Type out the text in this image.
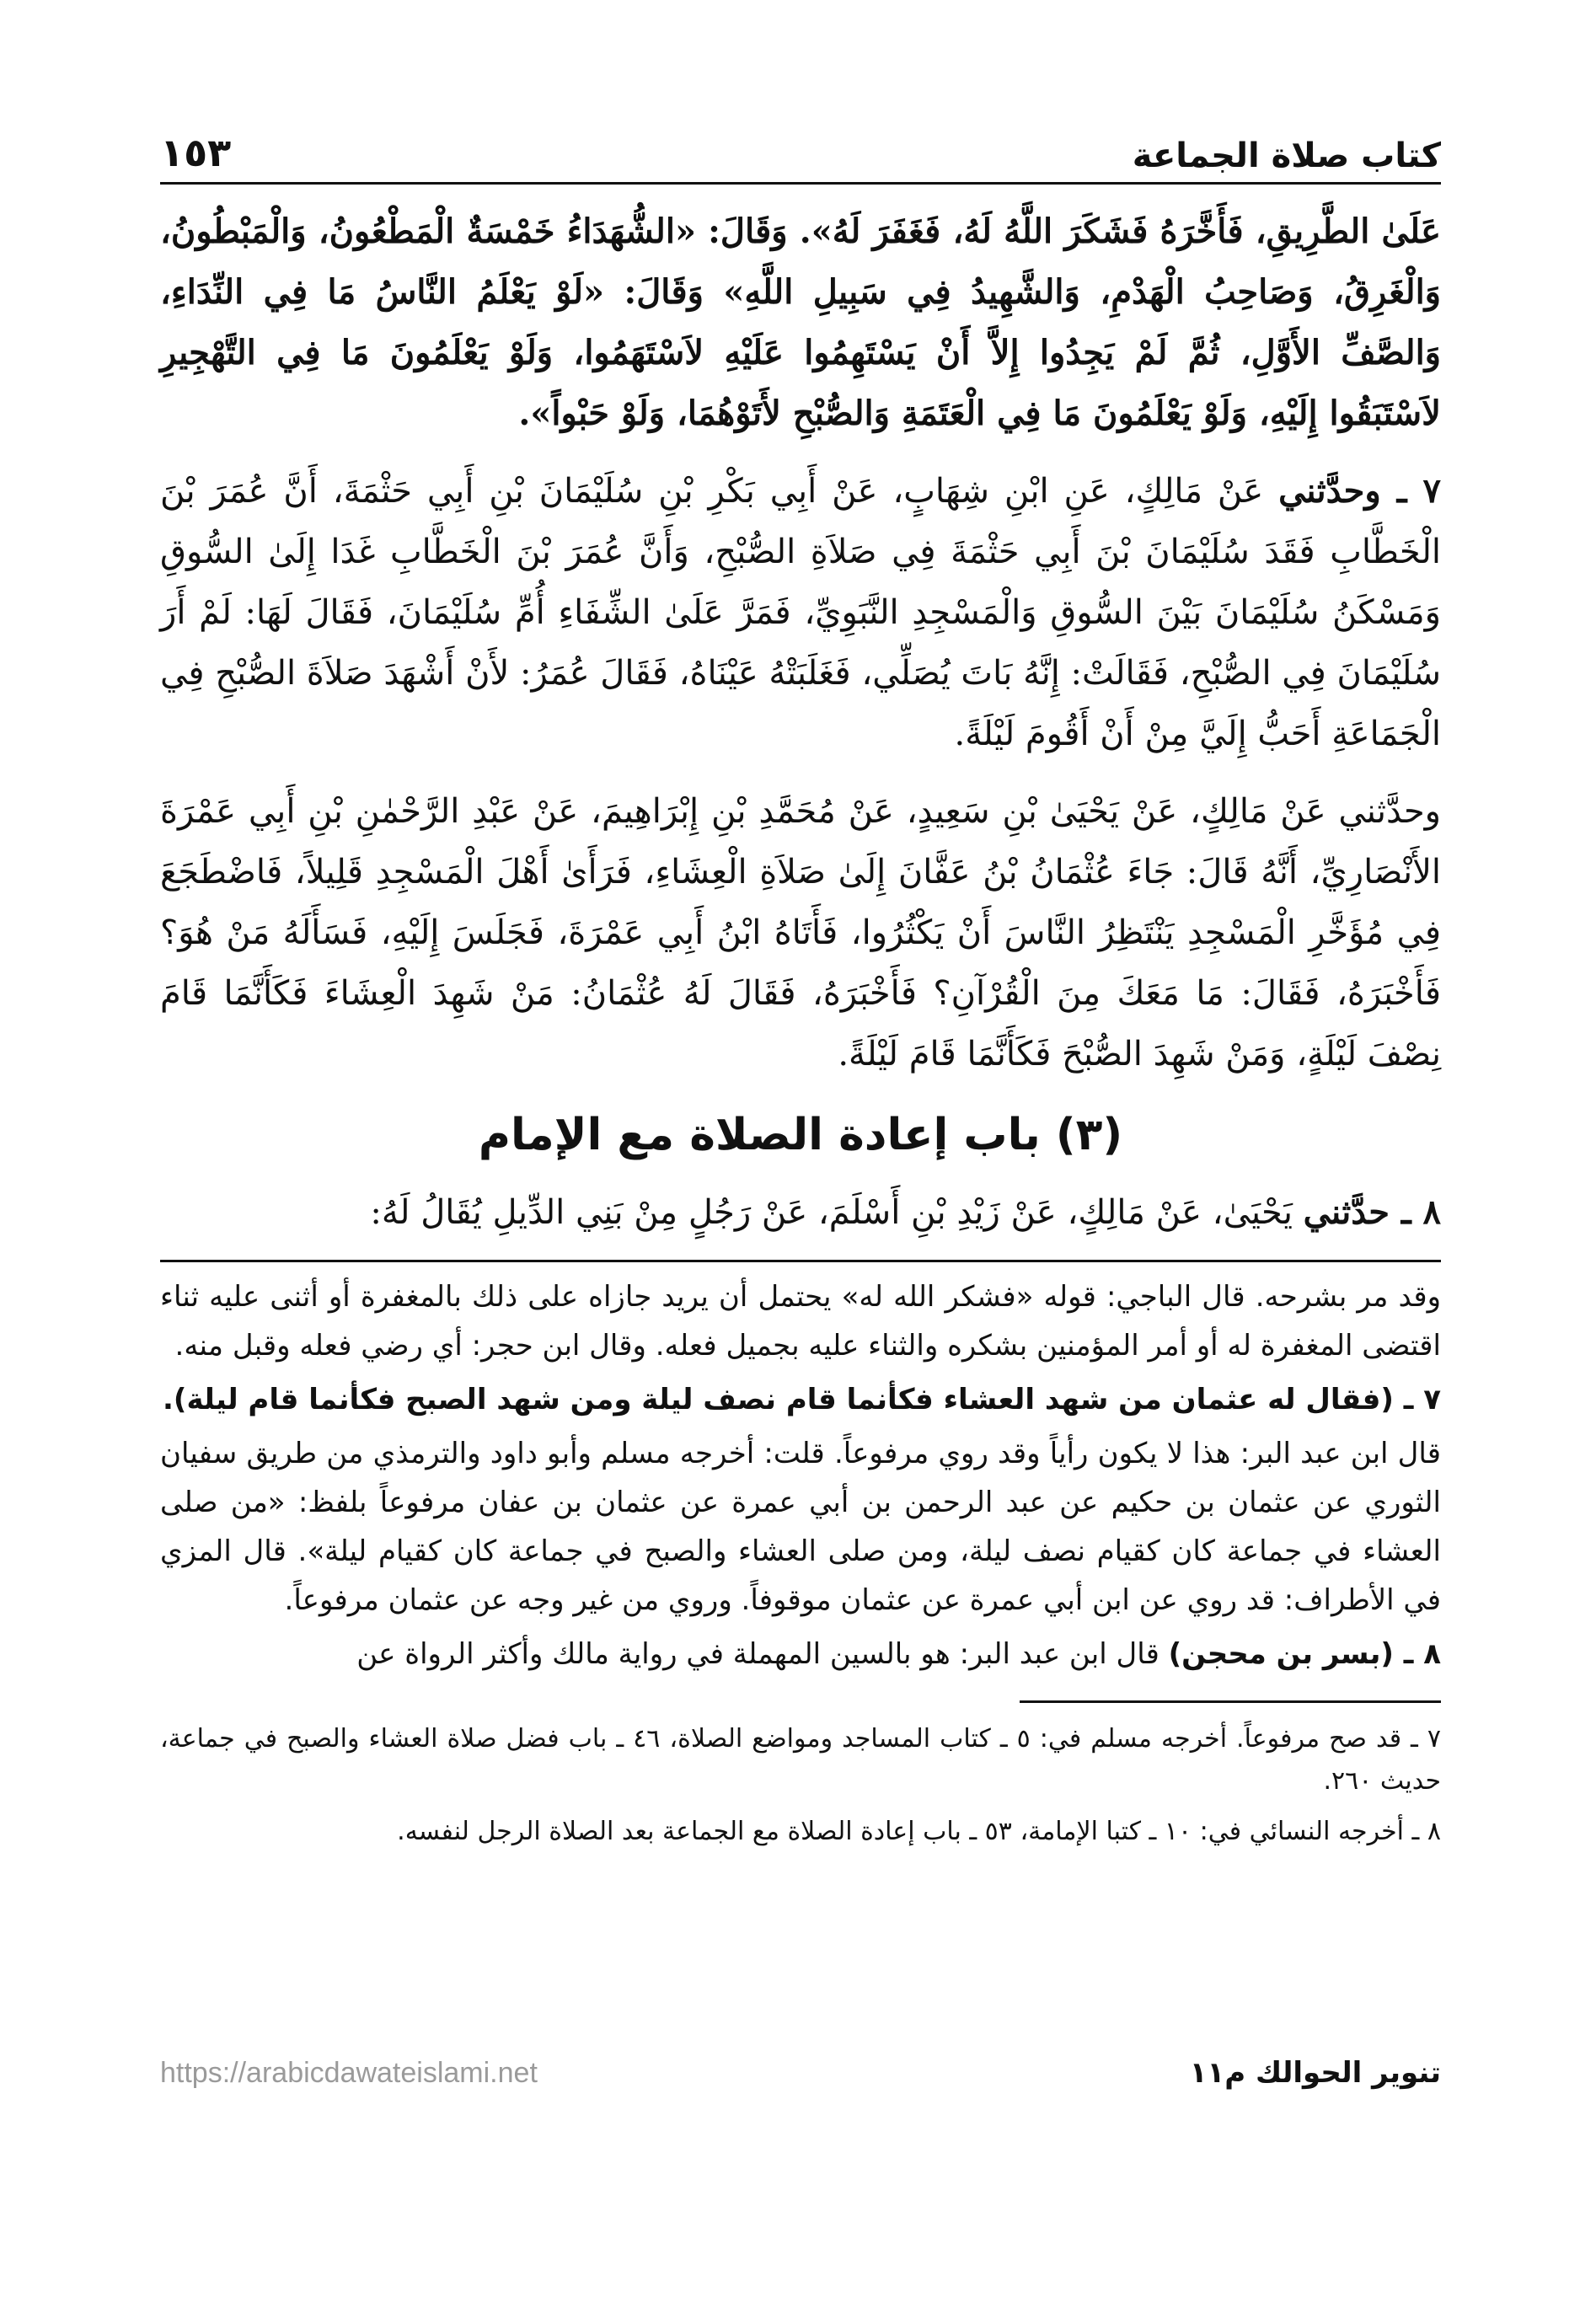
كتاب صلاة الجماعة
١٥٣

عَلَىٰ الطَّرِيقِ، فَأَخَّرَهُ فَشَكَرَ اللَّهُ لَهُ، فَغَفَرَ لَهُ». وَقَالَ: «الشُّهَدَاءُ خَمْسَةٌ الْمَطْعُونُ، وَالْمَبْطُونُ، وَالْغَرِقُ، وَصَاحِبُ الْهَدْمِ، وَالشَّهِيدُ فِي سَبِيلِ اللَّهِ» وَقَالَ: «لَوْ يَعْلَمُ النَّاسُ مَا فِي النِّدَاءِ، وَالصَّفِّ الأَوَّلِ، ثُمَّ لَمْ يَجِدُوا إِلاَّ أَنْ يَسْتَهِمُوا عَلَيْهِ لاَسْتَهَمُوا، وَلَوْ يَعْلَمُونَ مَا فِي التَّهْجِيرِ لاَسْتَبَقُوا إِلَيْهِ، وَلَوْ يَعْلَمُونَ مَا فِي الْعَتَمَةِ وَالصُّبْحِ لأَتَوْهُمَا، وَلَوْ حَبْواً».

٧ ـ وحدَّثني عَنْ مَالِكٍ، عَنِ ابْنِ شِهَابٍ، عَنْ أَبِي بَكْرِ بْنِ سُلَيْمَانَ بْنِ أَبِي حَثْمَةَ، أَنَّ عُمَرَ بْنَ الْخَطَّابِ فَقَدَ سُلَيْمَانَ بْنَ أَبِي حَثْمَةَ فِي صَلاَةِ الصُّبْحِ، وَأَنَّ عُمَرَ بْنَ الْخَطَّابِ غَدَا إِلَىٰ السُّوقِ وَمَسْكَنُ سُلَيْمَانَ بَيْنَ السُّوقِ وَالْمَسْجِدِ النَّبَوِيِّ، فَمَرَّ عَلَىٰ الشِّفَاءِ أُمِّ سُلَيْمَانَ، فَقَالَ لَهَا: لَمْ أَرَ سُلَيْمَانَ فِي الصُّبْحِ، فَقَالَتْ: إِنَّهُ بَاتَ يُصَلِّي، فَغَلَبَتْهُ عَيْنَاهُ، فَقَالَ عُمَرُ: لأَنْ أَشْهَدَ صَلاَةَ الصُّبْحِ فِي الْجَمَاعَةِ أَحَبُّ إِلَيَّ مِنْ أَنْ أَقُومَ لَيْلَةً.

وحدَّثني عَنْ مَالِكٍ، عَنْ يَحْيَىٰ بْنِ سَعِيدٍ، عَنْ مُحَمَّدِ بْنِ إِبْرَاهِيمَ، عَنْ عَبْدِ الرَّحْمٰنِ بْنِ أَبِي عَمْرَةَ الأَنْصَارِيِّ، أَنَّهُ قَالَ: جَاءَ عُثْمَانُ بْنُ عَفَّانَ إِلَىٰ صَلاَةِ الْعِشَاءِ، فَرَأَىٰ أَهْلَ الْمَسْجِدِ قَلِيلاً، فَاضْطَجَعَ فِي مُؤَخَّرِ الْمَسْجِدِ يَنْتَظِرُ النَّاسَ أَنْ يَكْثُرُوا، فَأَتَاهُ ابْنُ أَبِي عَمْرَةَ، فَجَلَسَ إِلَيْهِ، فَسَأَلَهُ مَنْ هُوَ؟ فَأَخْبَرَهُ، فَقَالَ: مَا مَعَكَ مِنَ الْقُرْآنِ؟ فَأَخْبَرَهُ، فَقَالَ لَهُ عُثْمَانُ: مَنْ شَهِدَ الْعِشَاءَ فَكَأَنَّمَا قَامَ نِصْفَ لَيْلَةٍ، وَمَنْ شَهِدَ الصُّبْحَ فَكَأَنَّمَا قَامَ لَيْلَةً.

(٣) باب إعادة الصلاة مع الإمام

٨ ـ حدَّثني يَحْيَىٰ، عَنْ مَالِكٍ، عَنْ زَيْدِ بْنِ أَسْلَمَ، عَنْ رَجُلٍ مِنْ بَنِي الدِّيلِ يُقَالُ لَهُ:

وقد مر بشرحه. قال الباجي: قوله «فشكر الله له» يحتمل أن يريد جازاه على ذلك بالمغفرة أو أثنى عليه ثناء اقتضى المغفرة له أو أمر المؤمنين بشكره والثناء عليه بجميل فعله. وقال ابن حجر: أي رضي فعله وقبل منه.

٧ ـ (فقال له عثمان من شهد العشاء فكأنما قام نصف ليلة ومن شهد الصبح فكأنما قام ليلة).

قال ابن عبد البر: هذا لا يكون رأياً وقد روي مرفوعاً. قلت: أخرجه مسلم وأبو داود والترمذي من طريق سفيان الثوري عن عثمان بن حكيم عن عبد الرحمن بن أبي عمرة عن عثمان بن عفان مرفوعاً بلفظ: «من صلى العشاء في جماعة كان كقيام نصف ليلة، ومن صلى العشاء والصبح في جماعة كان كقيام ليلة». قال المزي في الأطراف: قد روي عن ابن أبي عمرة عن عثمان موقوفاً. وروي من غير وجه عن عثمان مرفوعاً.

٨ ـ (بسر بن محجن) قال ابن عبد البر: هو بالسين المهملة في رواية مالك وأكثر الرواة عن

٧ ـ قد صح مرفوعاً. أخرجه مسلم في: ٥ ـ كتاب المساجد ومواضع الصلاة، ٤٦ ـ باب فضل صلاة العشاء والصبح في جماعة، حديث ٢٦٠.

٨ ـ أخرجه النسائي في: ١٠ ـ كتبا الإمامة، ٥٣ ـ باب إعادة الصلاة مع الجماعة بعد الصلاة الرجل لنفسه.

تنوير الحوالك م١١
https://arabicdawateislami.net
